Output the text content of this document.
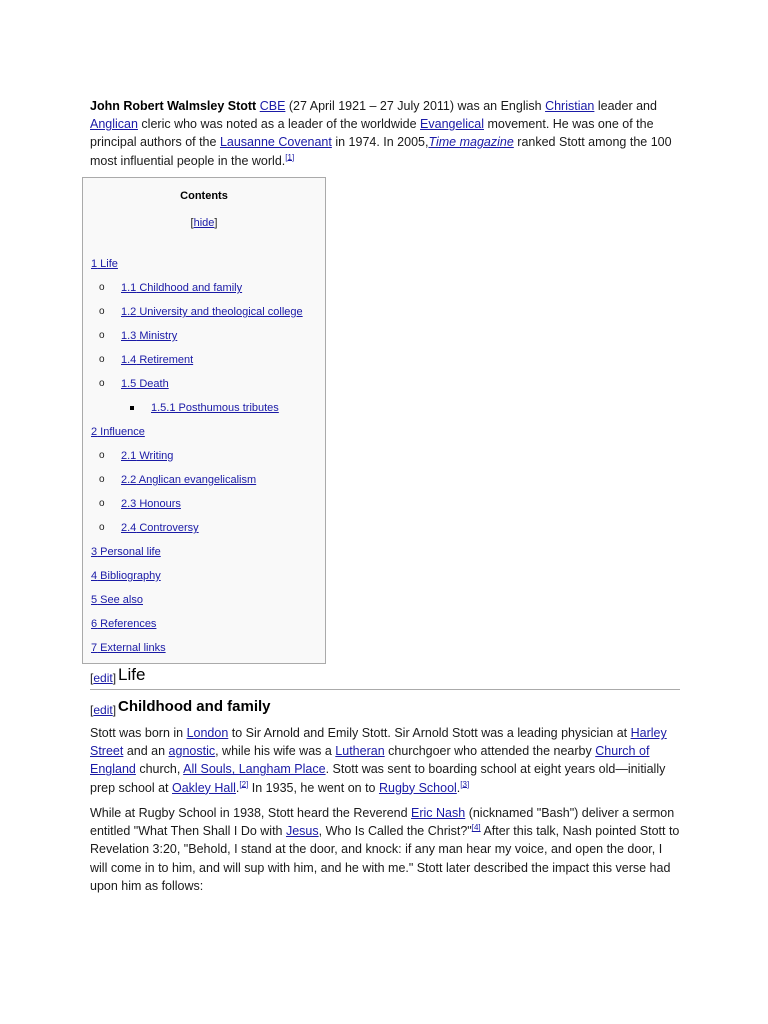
John Robert Walmsley Stott CBE (27 April 1921 – 27 July 2011) was an English Christian leader and Anglican cleric who was noted as a leader of the worldwide Evangelical movement. He was one of the principal authors of the Lausanne Covenant in 1974. In 2005,Time magazine ranked Stott among the 100 most influential people in the world.[1]

Contents
[hide]
1 Life
o 1.1 Childhood and family
o 1.2 University and theological college
o 1.3 Ministry
o 1.4 Retirement
o 1.5 Death
1.5.1 Posthumous tributes
2 Influence
o 2.1 Writing
o 2.2 Anglican evangelicalism
o 2.3 Honours
o 2.4 Controversy
3 Personal life
4 Bibliography
5 See also
6 References
7 External links
[edit] Life
[edit] Childhood and family

Stott was born in London to Sir Arnold and Emily Stott. Sir Arnold Stott was a leading physician at Harley Street and an agnostic, while his wife was a Lutheran churchgoer who attended the nearby Church of England church, All Souls, Langham Place. Stott was sent to boarding school at eight years old—initially prep school at Oakley Hall.[2] In 1935, he went on to Rugby School.[3]

While at Rugby School in 1938, Stott heard the Reverend Eric Nash (nicknamed "Bash") deliver a sermon entitled "What Then Shall I Do with Jesus, Who Is Called the Christ?"[4] After this talk, Nash pointed Stott to Revelation 3:20, "Behold, I stand at the door, and knock: if any man hear my voice, and open the door, I will come in to him, and will sup with him, and he with me." Stott later described the impact this verse had upon him as follows:
